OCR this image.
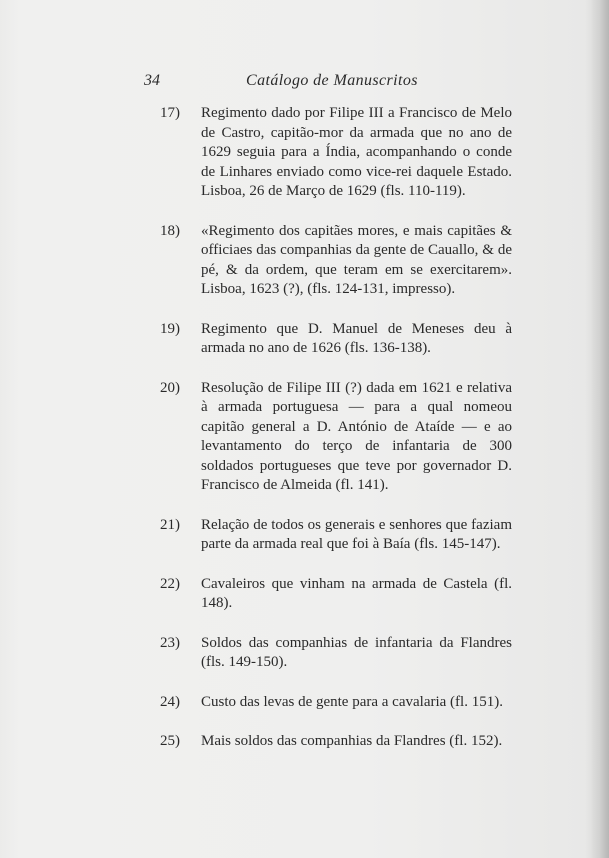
34	Catálogo de Manuscritos
17) Regimento dado por Filipe III a Francisco de Melo de Castro, capitão-mor da armada que no ano de 1629 seguia para a Índia, acompanhando o conde de Linhares enviado como vice-rei daquele Estado. Lisboa, 26 de Março de 1629 (fls. 110-119).
18) «Regimento dos capitães mores, e mais capitães & officiaes das companhias da gente de Cauallo, & de pé, & da ordem, que teram em se exercitarem». Lisboa, 1623 (?), (fls. 124-131, impresso).
19) Regimento que D. Manuel de Meneses deu à armada no ano de 1626 (fls. 136-138).
20) Resolução de Filipe III (?) dada em 1621 e relativa à armada portuguesa — para a qual nomeou capitão general a D. António de Ataíde — e ao levantamento do terço de infantaria de 300 soldados portugueses que teve por governador D. Francisco de Almeida (fl. 141).
21) Relação de todos os generais e senhores que faziam parte da armada real que foi à Baía (fls. 145-147).
22) Cavaleiros que vinham na armada de Castela (fl. 148).
23) Soldos das companhias de infantaria da Flandres (fls. 149-150).
24) Custo das levas de gente para a cavalaria (fl. 151).
25) Mais soldos das companhias da Flandres (fl. 152).
